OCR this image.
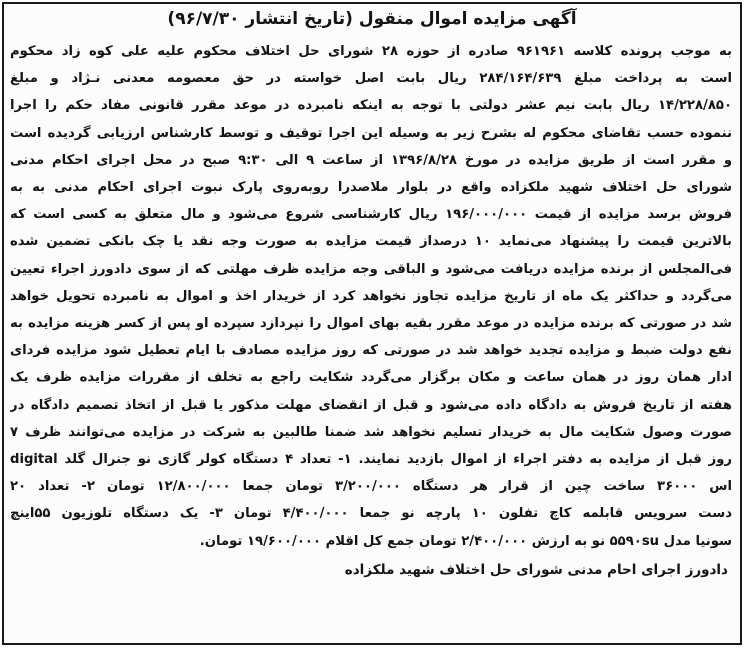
آگهی مزایده اموال منقول (تاریخ انتشار ۹۶/۷/۳۰)
به موجب پرونده کلاسه ۹۶۱۹۶۱ صادره از حوزه ۲۸ شورای حل اختلاف محکوم علیه علی کوه زاد محکوم
است به پرداخت مبلغ ۲۸۴/۱۶۴/۶۳۹ ریال بابت اصل خواسته در حق معصومه معدنی نـژاد و مبلغ
۱۴/۲۲۸/۸۵۰ ریال بابت نیم عشر دولتی با توجه به اینکه نامبرده در موعد مقرر قانونی مفاد حکم را اجرا
ننموده حسب تقاضای محکوم له بشرح زیر به وسیله این اجرا توقیف و توسط کارشناس ارزیابی گردیده است
و مقرر است از طریق مزایده در مورخ ۱۳۹۶/۸/۲۸ از ساعت ۹ الی ۹:۳۰ صبح در محل اجرای احکام مدنی
شورای حل اختلاف شهید ملکزاده واقع در بلوار ملاصدرا روبه‌روی پارک نبوت اجرای احکام مدنی به به
فروش برسد مزایده از قیمت ۱۹۶/۰۰۰/۰۰۰ ریال کارشناسی شروع می‌شود و مال متعلق به کسی است که
بالاترین قیمت را پیشنهاد می‌نماید ۱۰ درصداز قیمت مزایده به صورت وجه نقد یا چک بانکی تضمین شده
فی‌المجلس از برنده مزایده دریافت می‌شود و الباقی وجه مزایده ظرف مهلتی که از سوی دادورز اجراء تعیین
می‌گردد و حداکثر یک ماه از تاریخ مزایده تجاوز نخواهد کرد از خریدار اخذ و اموال به نامبرده تحویل خواهد
شد در صورتی که برنده مزایده در موعد مقرر بقیه بهای اموال را نپردازد سپرده او پس از کسر هزینه مزایده به
نفع دولت ضبط و مزایده تجدید خواهد شد در صورتی که روز مزایده مصادف با ایام تعطیل شود مزایده فردای
ادار همان روز در همان ساعت و مکان برگزار می‌گردد شکایت راجع به تخلف از مقررات مزایده ظرف یک
هفته از تاریخ فروش به دادگاه داده می‌شود و قبل از انقضای مهلت مذکور یا قبل از اتخاذ تصمیم دادگاه در
صورت وصول شکایت مال به خریدار تسلیم نخواهد شد ضمنا طالبین به شرکت در مزایده می‌توانند ظرف ۷
روز قبل از مزایده به دفتر اجراء از اموال بازدید نمایند. ۱- تعداد ۴ دستگاه کولر گازی نو جنرال گلد digital
اس ۳۶۰۰۰ ساخت چین از قرار هر دستگاه ۳/۲۰۰/۰۰۰ تومان جمعا ۱۲/۸۰۰/۰۰۰ تومان ۲- تعداد ۲۰
دست سرویس قابلمه کاچ تفلون ۱۰ پارچه نو جمعا ۴/۴۰۰/۰۰۰ تومان ۳- یک دستگاه تلوزیون ۵۵اینچ
سونیا مدل ۵۵۹۰su نو به ارزش ۲/۴۰۰/۰۰۰ تومان جمع کل اقلام ۱۹/۶۰۰/۰۰۰ تومان.
دادورز اجرای احام مدنی شورای حل اختلاف شهید ملکزاده
